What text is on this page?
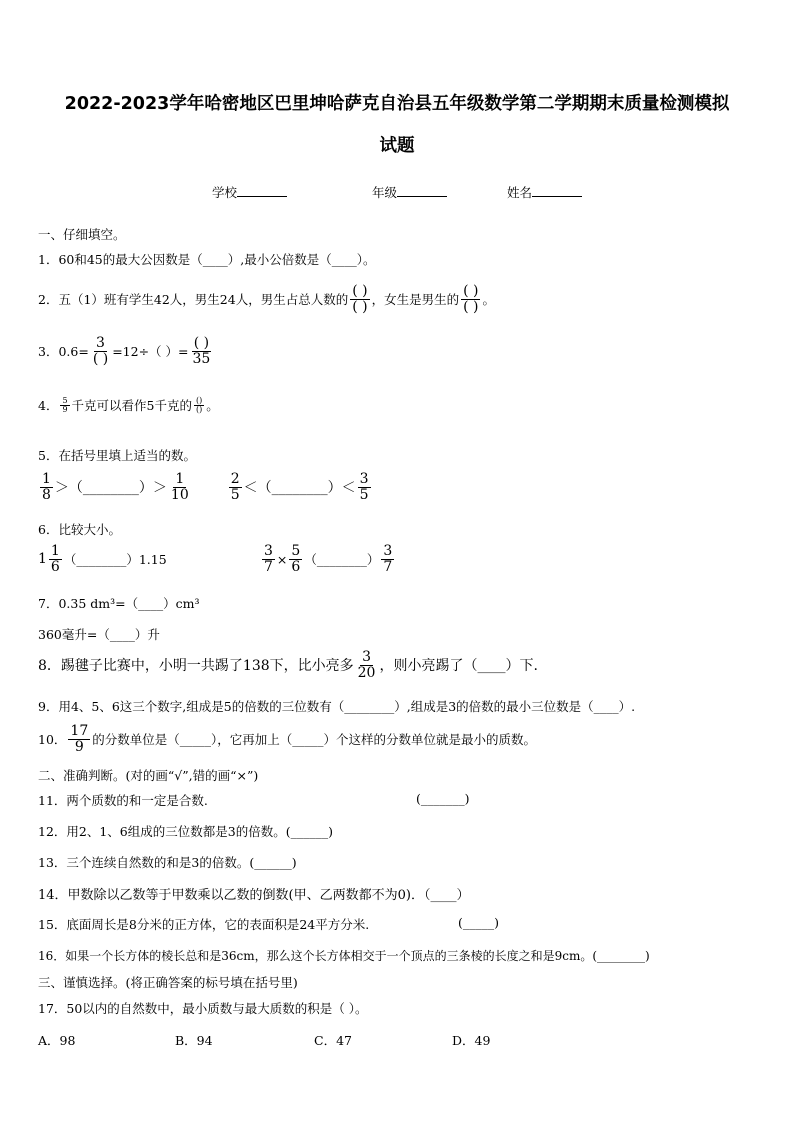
2022-2023学年哈密地区巴里坤哈萨克自治县五年级数学第二学期期末质量检测模拟
试题
学校	年级	姓名
一、仔细填空。
1．60和45的最大公因数是（____）,最小公倍数是（____）。
2．五（1）班有学生42人，男生24人，男生占总人数的 $\frac{( )}{( )}$ ，女生是男生的 $\frac{( )}{( )}$ 。
3．$0.6= \frac{3}{( )} =12\div$（ ）= $\frac{( )}{35}$
4． $\frac{5}{9}$ 千克可以看作5千克的 $\frac{()}{()}$ 。
5．在括号里填上适当的数。
$\frac{1}{8}$ ＞（________）＞ $\frac{1}{10}$	$\frac{2}{5}$ ＜（________）＜ $\frac{3}{5}$
6．比较大小。
$1 \frac{1}{6}$ （________）1.15	$\frac{3}{7} \times \frac{5}{6}$ （________） $\frac{3}{7}$
7．0.35 dm³=（____）cm³
360毫升=（____）升
8．踢毽子比赛中，小明一共踢了138下，比小亮多 $\frac{3}{20}$ ，则小亮踢了（____）下.
9．用4、5、6这三个数字,组成是5的倍数的三位数有（________）,组成是3的倍数的最小三位数是（____）.
10． $\frac{17}{9}$ 的分数单位是（_____），它再加上（_____）个这样的分数单位就是最小的质数。
二、准确判断。(对的画“√”,错的画“×”)
11．两个质数的和一定是合数.	(_______)
12．用2、1、6组成的三位数都是3的倍数。(______)
13．三个连续自然数的和是3的倍数。(______)
14．甲数除以乙数等于甲数乘以乙数的倒数(甲、乙两数都不为0)．（____）
15．底面周长是8分米的正方体，它的表面积是24平方分米.	(_____)
16．如果一个长方体的棱长总和是36cm，那么这个长方体相交于一个顶点的三条棱的长度之和是9cm。(________)
三、谨慎选择。(将正确答案的标号填在括号里)
17．50以内的自然数中，最小质数与最大质数的积是（ ）。
A．98	B．94	C．47	D．49
